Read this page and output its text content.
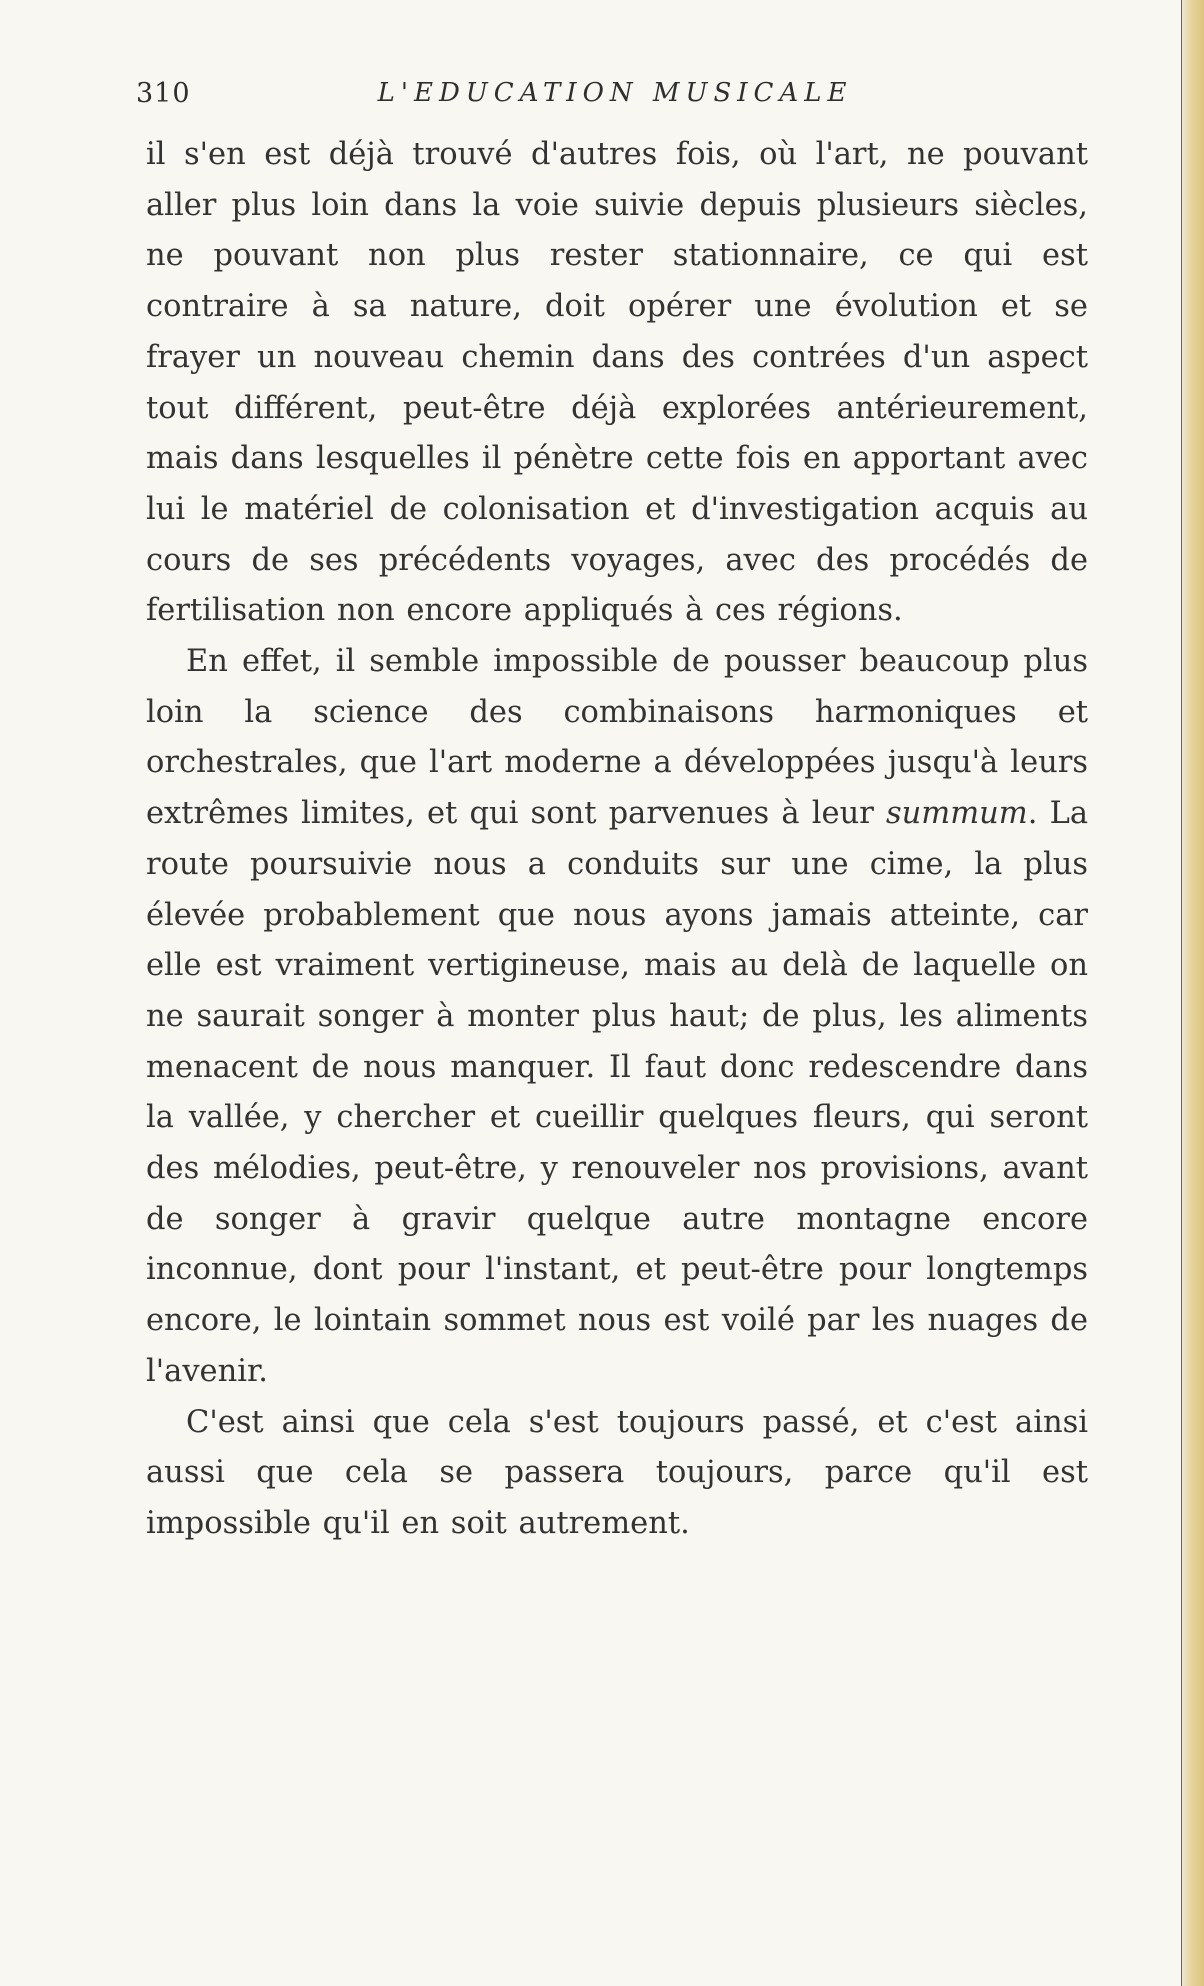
310	L'EDUCATION MUSICALE

il s'en est déjà trouvé d'autres fois, où l'art, ne pouvant aller plus loin dans la voie suivie depuis plusieurs siècles, ne pouvant non plus rester stationnaire, ce qui est contraire à sa nature, doit opérer une évolution et se frayer un nouveau chemin dans des contrées d'un aspect tout différent, peut-être déjà explorées antérieurement, mais dans lesquelles il pénètre cette fois en apportant avec lui le matériel de colonisation et d'investigation acquis au cours de ses précédents voyages, avec des procédés de fertilisation non encore appliqués à ces régions.

En effet, il semble impossible de pousser beaucoup plus loin la science des combinaisons harmoniques et orchestrales, que l'art moderne a développées jusqu'à leurs extrêmes limites, et qui sont parvenues à leur summum. La route poursuivie nous a conduits sur une cime, la plus élevée probablement que nous ayons jamais atteinte, car elle est vraiment vertigineuse, mais au delà de laquelle on ne saurait songer à monter plus haut; de plus, les aliments menacent de nous manquer. Il faut donc redescendre dans la vallée, y chercher et cueillir quelques fleurs, qui seront des mélodies, peut-être, y renouveler nos provisions, avant de songer à gravir quelque autre montagne encore inconnue, dont pour l'instant, et peut-être pour longtemps encore, le lointain sommet nous est voilé par les nuages de l'avenir.

C'est ainsi que cela s'est toujours passé, et c'est ainsi aussi que cela se passera toujours, parce qu'il est impossible qu'il en soit autrement.
